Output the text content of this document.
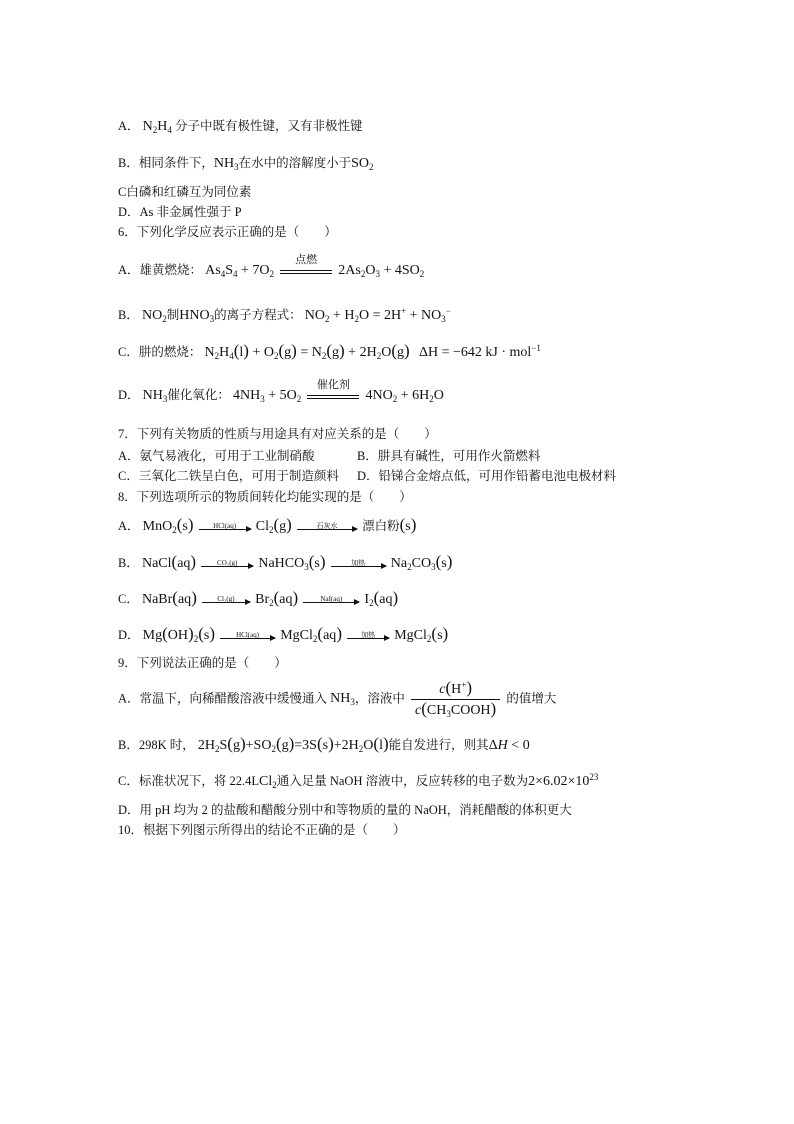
A． $N_2H_4$ 分子中既有极性键，又有非极性键
B．相同条件下，$NH_3$在水中的溶解度小于$SO_2$
C白磷和红磷互为同位素
D．As 非金属性强于 P
6．下列化学反应表示正确的是（　　）
A．雄黄燃烧： $As_4S_4 + 7O_2$
点燃
$2As_2O_3 + 4SO_2$
B． $NO_2$制$HNO_3$的离子方程式： $NO_2 + H_2O = 2H^+ + NO_3^-$
C．肼的燃烧： $N_2H_4(l) + O_2(g) = N_2(g) + 2H_2O(g) \Delta H = -642$ kJ · mol$^{-1}$
D． $NH_3$催化氧化： $4NH_3 + 5O_2$
催化剂
$4NO_2 + 6H_2O$
7．下列有关物质的性质与用途具有对应关系的是（　　）
A．氨气易液化，可用于工业制硝酸	B．肼具有碱性，可用作火箭燃料
C．三氧化二铁呈白色，可用于制造颜料 D．铅锑合金熔点低，可用作铅蓄电池电极材料
8．下列选项所示的物质间转化均能实现的是（　　）
A． MnO$_2$(s)	HCl(aq)	$Cl_2(g)$	石灰水	漂白粉(s)
B． NaCl(aq)	CO₂(g)	NaHCO$_3$(s)	加热	$Na_2CO_3(s)$
C． NaBr(aq)	Cl₂(g)	$Br_2(aq)$	NaI(aq)	$I_2(aq)$
D． $Mg(OH)_2(s)$	HCl(aq)	MgCl$_2$(aq)	加热	MgCl$_2$(s)
9．下列说法正确的是（　　）
A．常温下，向稀醋酸溶液中缓慢通入 $NH_3$，溶液中 $\frac{c(H^+)}{c(CH_3COOH)}$ 的值增大
B．298K 时， $2H_2S(g)+SO_2(g)=3S(s)+2H_2O(l)$能自发进行，则其ΔH < 0
C．标准状况下，将 22.4LCl$_2$通入足量 NaOH 溶液中，反应转移的电子数为$2\times 6.02\times 10^{23}$
D．用 pH 均为 2 的盐酸和醋酸分别中和等物质的量的 NaOH，消耗醋酸的体积更大
10．根据下列图示所得出的结论不正确的是（　　）
